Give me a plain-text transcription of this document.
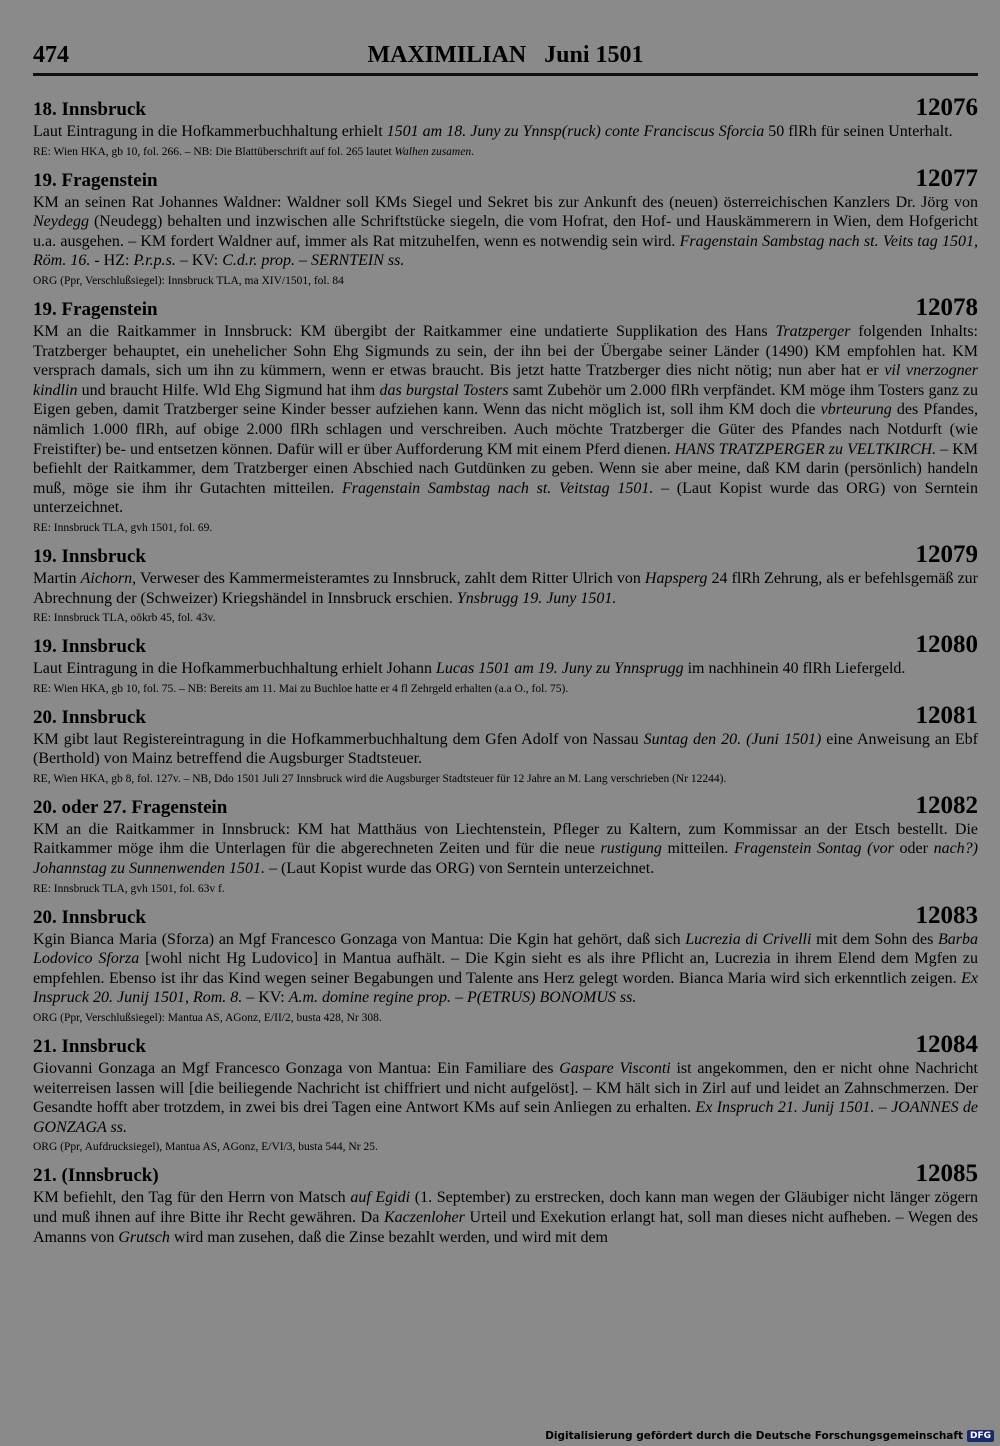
474	MAXIMILIAN   Juni 1501
18. Innsbruck	12076
Laut Eintragung in die Hofkammerbuchhaltung erhielt 1501 am 18. Juny zu Ynnsp(ruck) conte Franciscus Sforcia 50 flRh für seinen Unterhalt.
RE: Wien HKA, gb 10, fol. 266. – NB: Die Blattüberschrift auf fol. 265 lautet Walhen zusamen.
19. Fragenstein	12077
KM an seinen Rat Johannes Waldner: Waldner soll KMs Siegel und Sekret bis zur Ankunft des (neuen) österreichischen Kanzlers Dr. Jörg von Neydegg (Neudegg) behalten und inzwischen alle Schriftstücke siegeln, die vom Hofrat, den Hof- und Hauskämmerern in Wien, dem Hofgericht u.a. ausgehen. – KM fordert Waldner auf, immer als Rat mitzuhelfen, wenn es notwendig sein wird. Fragenstain Sambstag nach st. Veits tag 1501, Röm. 16. - HZ: P.r.p.s. – KV: C.d.r. prop. – SERNTEIN ss.
ORG (Ppr, Verschlußsiegel): Innsbruck TLA, ma XIV/1501, fol. 84
19. Fragenstein	12078
KM an die Raitkammer in Innsbruck: KM übergibt der Raitkammer eine undatierte Supplikation des Hans Tratzperger folgenden Inhalts: Tratzberger behauptet, ein unehelicher Sohn Ehg Sigmunds zu sein, der ihn bei der Übergabe seiner Länder (1490) KM empfohlen hat. KM versprach damals, sich um ihn zu kümmern, wenn er etwas braucht. Bis jetzt hatte Tratzberger dies nicht nötig; nun aber hat er vil vnerzogner kindlin und braucht Hilfe. Wld Ehg Sigmund hat ihm das burgstal Tosters samt Zubehör um 2.000 flRh verpfändet. KM möge ihm Tosters ganz zu Eigen geben, damit Tratzberger seine Kinder besser aufziehen kann. Wenn das nicht möglich ist, soll ihm KM doch die vbrteurung des Pfandes, nämlich 1.000 flRh, auf obige 2.000 flRh schlagen und verschreiben. Auch möchte Tratzberger die Güter des Pfandes nach Notdurft (wie Freistifter) be- und entsetzen können. Dafür will er über Aufforderung KM mit einem Pferd dienen. HANS TRATZPERGER zu VELTKIRCH. – KM befiehlt der Raitkammer, dem Tratzberger einen Abschied nach Gutdünken zu geben. Wenn sie aber meine, daß KM darin (persönlich) handeln muß, möge sie ihm ihr Gutachten mitteilen. Fragenstain Sambstag nach st. Veitstag 1501. – (Laut Kopist wurde das ORG) von Serntein unterzeichnet.
RE: Innsbruck TLA, gvh 1501, fol. 69.
19. Innsbruck	12079
Martin Aichorn, Verweser des Kammermeisteramtes zu Innsbruck, zahlt dem Ritter Ulrich von Hapsperg 24 flRh Zehrung, als er befehlsgemäß zur Abrechnung der (Schweizer) Kriegshändel in Innsbruck erschien. Ynsbrugg 19. Juny 1501.
RE: Innsbruck TLA, oökrb 45, fol. 43v.
19. Innsbruck	12080
Laut Eintragung in die Hofkammerbuchhaltung erhielt Johann Lucas 1501 am 19. Juny zu Ynnsprugg im nachhinein 40 flRh Liefergeld.
RE: Wien HKA, gb 10, fol. 75. – NB: Bereits am 11. Mai zu Buchloe hatte er 4 fl Zehrgeld erhalten (a.a O., fol. 75).
20. Innsbruck	12081
KM gibt laut Registereintragung in die Hofkammerbuchhaltung dem Gfen Adolf von Nassau Suntag den 20. (Juni 1501) eine Anweisung an Ebf (Berthold) von Mainz betreffend die Augsburger Stadtsteuer.
RE, Wien HKA, gb 8, fol. 127v. – NB, Ddo 1501 Juli 27 Innsbruck wird die Augsburger Stadtsteuer für 12 Jahre an M. Lang verschrieben (Nr 12244).
20. oder 27. Fragenstein	12082
KM an die Raitkammer in Innsbruck: KM hat Matthäus von Liechtenstein, Pfleger zu Kaltern, zum Kommissar an der Etsch bestellt. Die Raitkammer möge ihm die Unterlagen für die abgerechneten Zeiten und für die neue rustigung mitteilen. Fragenstein Sontag (vor oder nach?) Johannstag zu Sunnenwenden 1501. – (Laut Kopist wurde das ORG) von Serntein unterzeichnet.
RE: Innsbruck TLA, gvh 1501, fol. 63v f.
20. Innsbruck	12083
Kgin Bianca Maria (Sforza) an Mgf Francesco Gonzaga von Mantua: Die Kgin hat gehört, daß sich Lucrezia di Crivelli mit dem Sohn des Barba Lodovico Sforza [wohl nicht Hg Ludovico] in Mantua aufhält. – Die Kgin sieht es als ihre Pflicht an, Lucrezia in ihrem Elend dem Mgfen zu empfehlen. Ebenso ist ihr das Kind wegen seiner Begabungen und Talente ans Herz gelegt worden. Bianca Maria wird sich erkenntlich zeigen. Ex Inspruck 20. Junij 1501, Rom. 8. – KV: A.m. domine regine prop. – P(ETRUS) BONOMUS ss.
ORG (Ppr, Verschlußsiegel): Mantua AS, AGonz, E/II/2, busta 428, Nr 308.
21. Innsbruck	12084
Giovanni Gonzaga an Mgf Francesco Gonzaga von Mantua: Ein Familiare des Gaspare Visconti ist angekommen, den er nicht ohne Nachricht weiterreisen lassen will [die beiliegende Nachricht ist chiffriert und nicht aufgelöst]. – KM hält sich in Zirl auf und leidet an Zahnschmerzen. Der Gesandte hofft aber trotzdem, in zwei bis drei Tagen eine Antwort KMs auf sein Anliegen zu erhalten. Ex Inspruch 21. Junij 1501. – JOANNES de GONZAGA ss.
ORG (Ppr, Aufdrucksiegel), Mantua AS, AGonz, E/VI/3, busta 544, Nr 25.
21. (Innsbruck)	12085
KM befiehlt, den Tag für den Herrn von Matsch auf Egidi (1. September) zu erstrecken, doch kann man wegen der Gläubiger nicht länger zögern und muß ihnen auf ihre Bitte ihr Recht gewähren. Da Kaczenloher Urteil und Exekution erlangt hat, soll man dieses nicht aufheben. – Wegen des Amanns von Grutsch wird man zusehen, daß die Zinse bezahlt werden, und wird mit dem
Digitalisierung gefördert durch die Deutsche Forschungsgemeinschaft DFG
